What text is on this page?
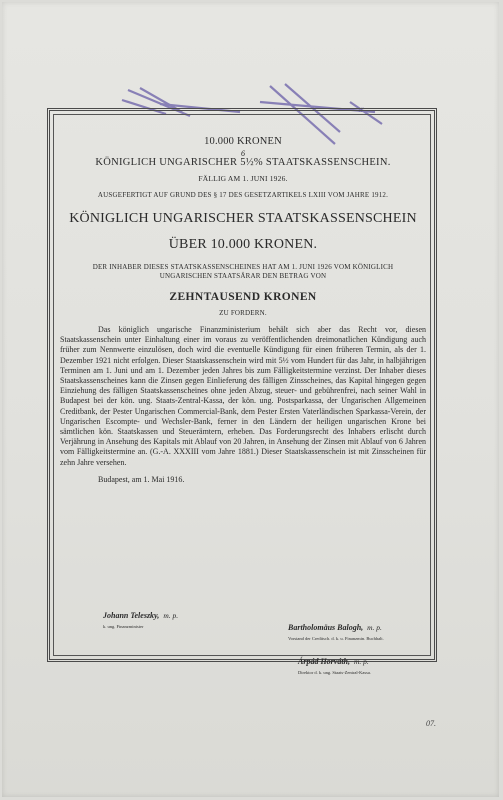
.r
10.000 KRONEN
6
KÖNIGLICH UNGARISCHER 5½% STAATSKASSENSCHEIN.
FÄLLIG AM 1. JUNI 1926.
AUSGEFERTIGT AUF GRUND DES § 17 DES GESETZARTIKELS LXIII VOM JAHRE 1912.
KÖNIGLICH UNGARISCHER STAATSKASSENSCHEIN
ÜBER 10.000 KRONEN.
DER INHABER DIESES STAATSKASSENSCHEINES HAT AM 1. JUNI 1926 VOM KÖNIGLICH UNGARISCHEN STAATSÄRAR DEN BETRAG VON
ZEHNTAUSEND KRONEN
ZU FORDERN.

Das königlich ungarische Finanzministerium behält sich aber das Recht vor, diesen Staatskassenschein unter Einhaltung einer im voraus zu veröffentlichenden dreimonatlichen Kündigung auch früher zum Nennwerte einzulösen, doch wird die eventuelle Kündigung für einen früheren Termin, als der 1. Dezember 1921 nicht erfolgen. Dieser Staatskassenschein wird mit 5½ vom Hundert für das Jahr, in halbjährigen Terminen am 1. Juni und am 1. Dezember jeden Jahres bis zum Fälligkeitstermine verzinst. Der Inhaber dieses Staatskassenscheines kann die Zinsen gegen Einlieferung des fälligen Zinsscheines, das Kapital hingegen gegen Einziehung des fälligen Staatskassenscheines ohne jeden Abzug, steuer- und gebührenfrei, nach seiner Wahl in Budapest bei der kön. ung. Staats-Zentral-Kassa, der kön. ung. Postsparkassa, der Ungarischen Allgemeinen Creditbank, der Pester Ungarischen Commercial-Bank, dem Pester Ersten Vaterländischen Sparkassa-Verein, der Ungarischen Escompte- und Wechsler-Bank, ferner in den Ländern der heiligen ungarischen Krone bei sämtlichen kön. Staatskassen und Steuerämtern, erheben. Das Forderungsrecht des Inhabers erlischt durch Verjährung in Ansehung des Kapitals mit Ablauf von 20 Jahren, in Ansehung der Zinsen mit Ablauf von 6 Jahren vom Fälligkeitstermine an. (G.-A. XXXIII vom Jahre 1881.) Dieser Staatskassenschein ist mit Zinsscheinen für zehn Jahre versehen.

Budapest, am 1. Mai 1916.
Johann Teleszky, m. p.
k. ung. Finanzminister	Bartholomäus Balogh, m. p.
Vorstand der Creditsch. d. k. u. Finanzmin. Buchhalt.
Árpád Horváth, m. p.
Direktor d. k. ung. Staats-Zentral-Kassa.
07.
